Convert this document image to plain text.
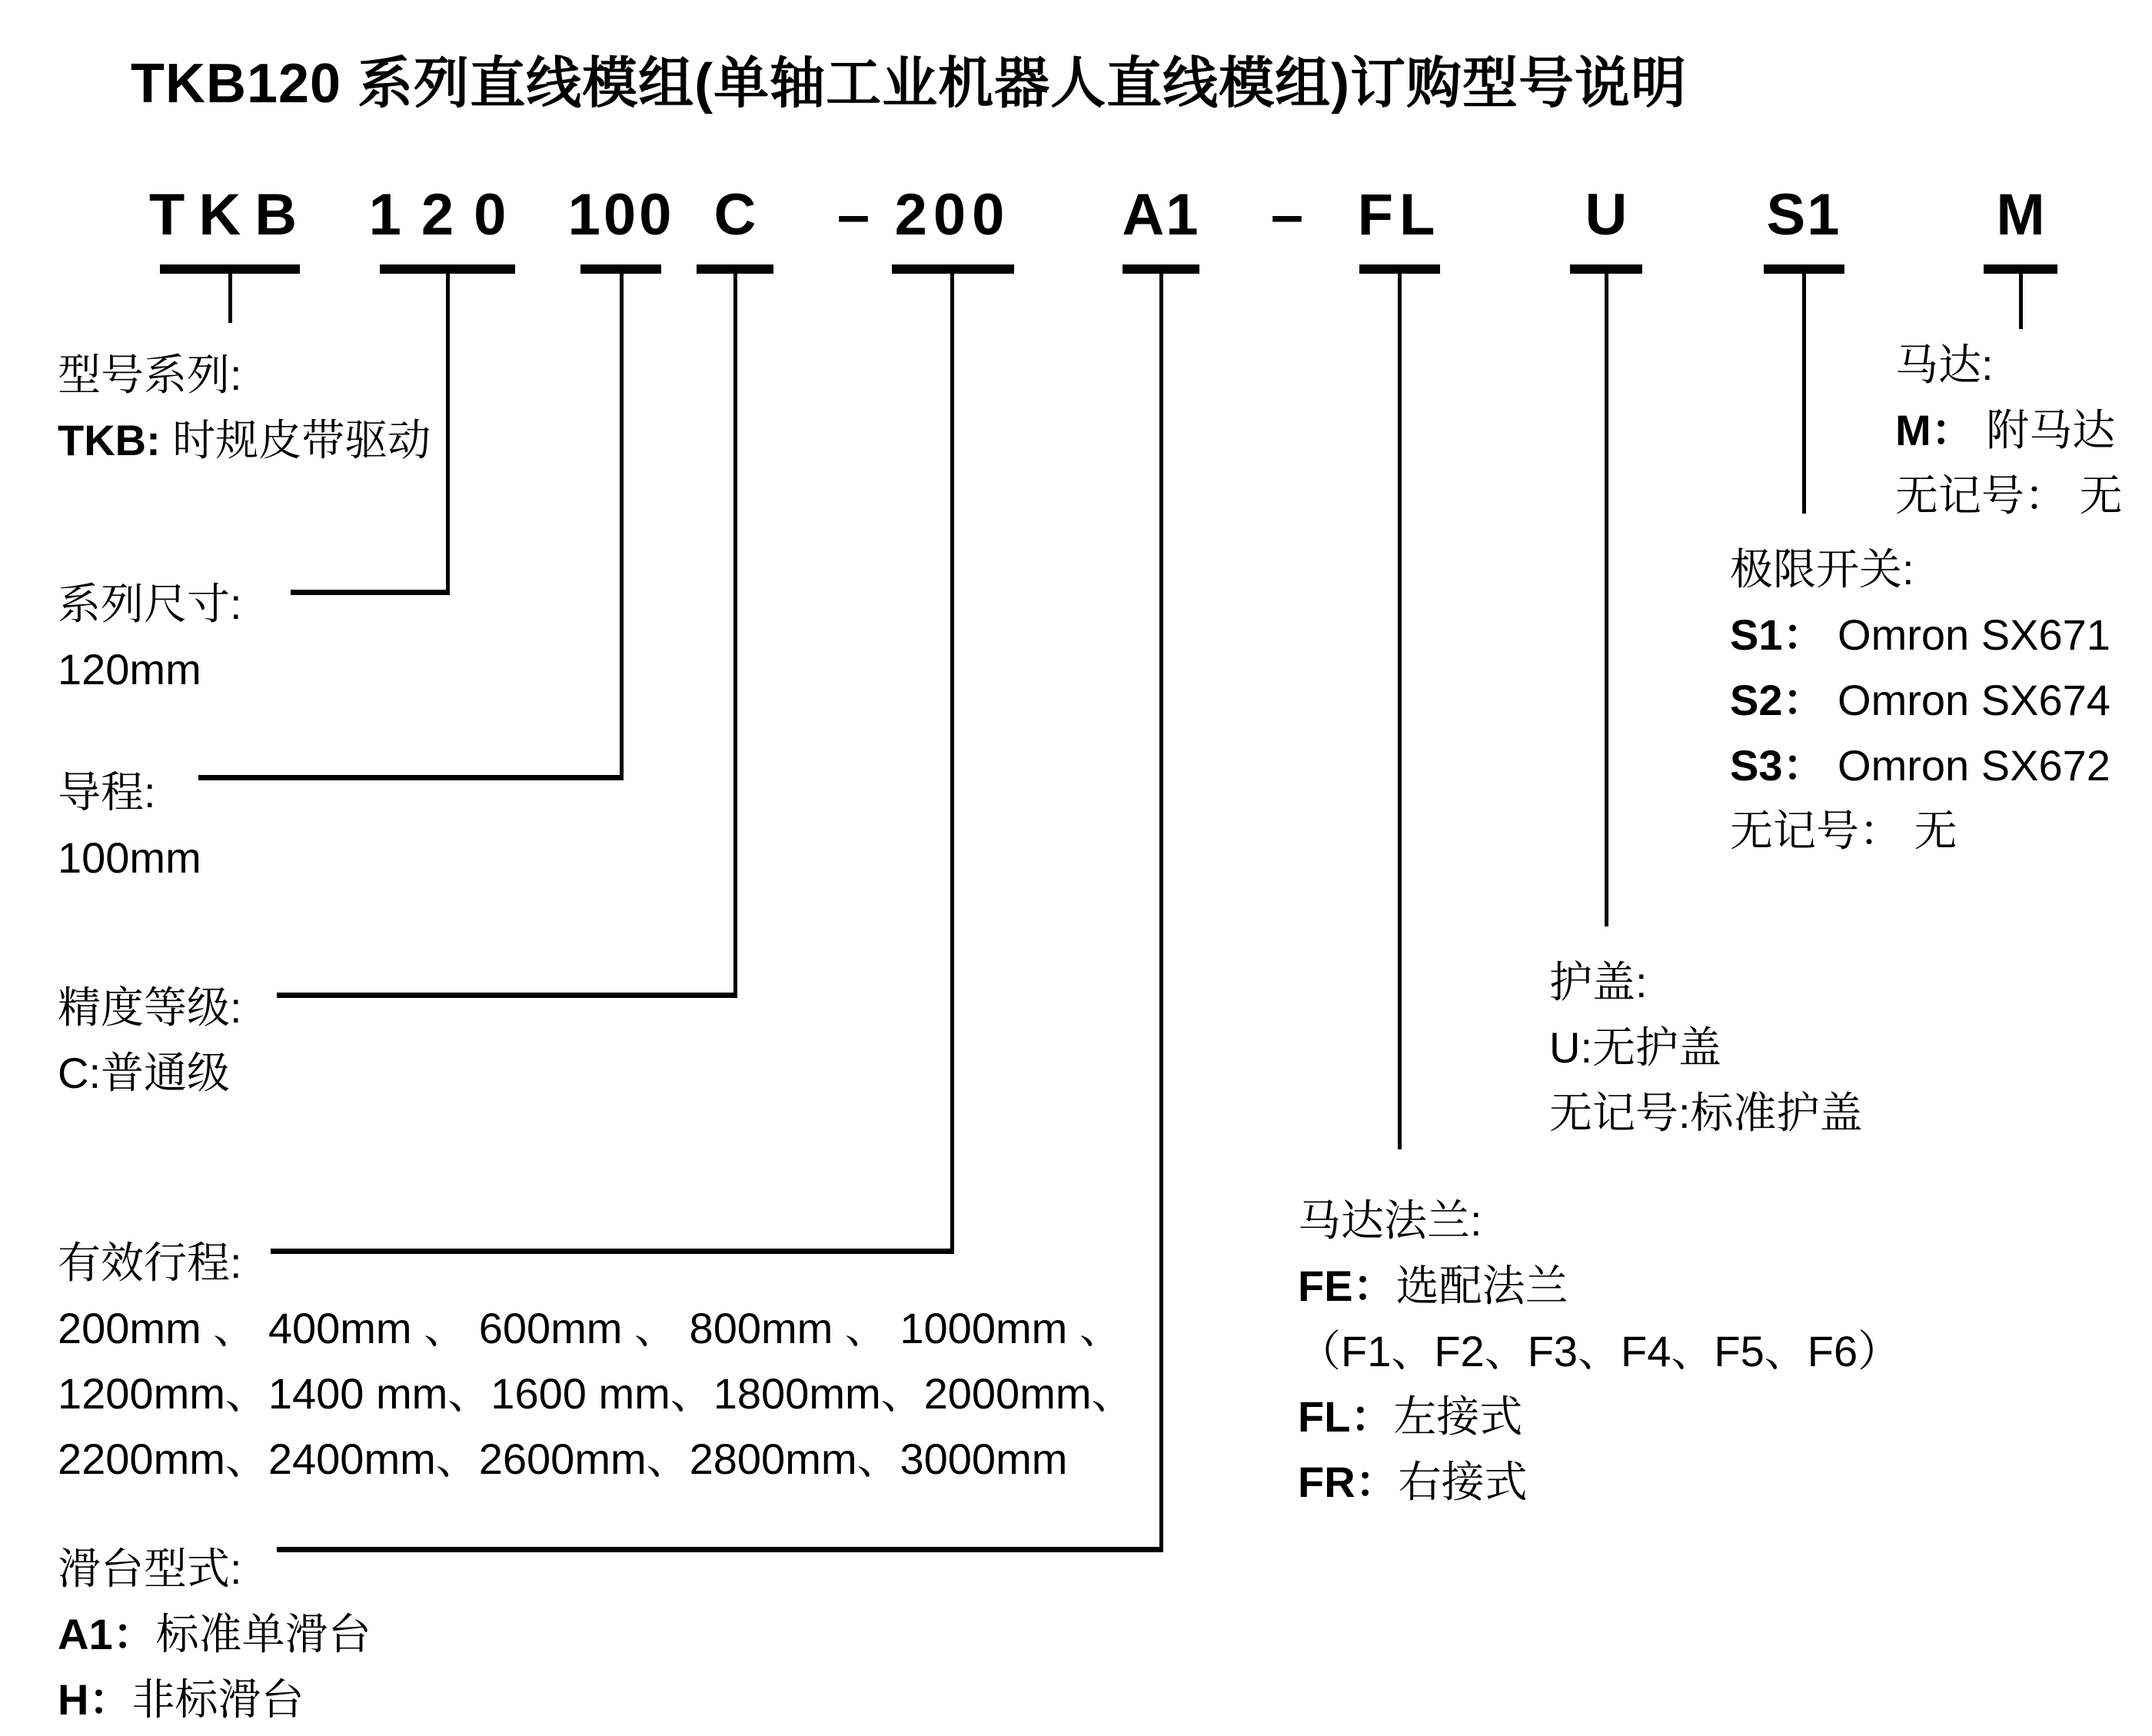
TKB120 系列直线模组(单轴工业机器人直线模组)订购型号说明
TKB 120 100 C – 200 A1 – FL U S1	M
型号系列:
TKB: 时规皮带驱动
系列尺寸:
120mm
导程:
100mm
精度等级:
C:普通级
有效行程:
200mm 、 400mm 、 600mm 、 800mm 、 1000mm 、
1200mm、1400 mm、1600 mm、1800mm、2000mm、
2200mm、2400mm、2600mm、2800mm、3000mm
滑台型式:
A1：标准单滑台
H：非标滑台
马达法兰:
FE：选配法兰
（F1、F2、F3、F4、F5、F6）
FL：左接式
FR：右接式
护盖:
U:无护盖
无记号:标准护盖
极限开关:
S1： Omron SX671
S2： Omron SX674
S3： Omron SX672
无记号： 无
马达:
M： 附马达
无记号： 无
